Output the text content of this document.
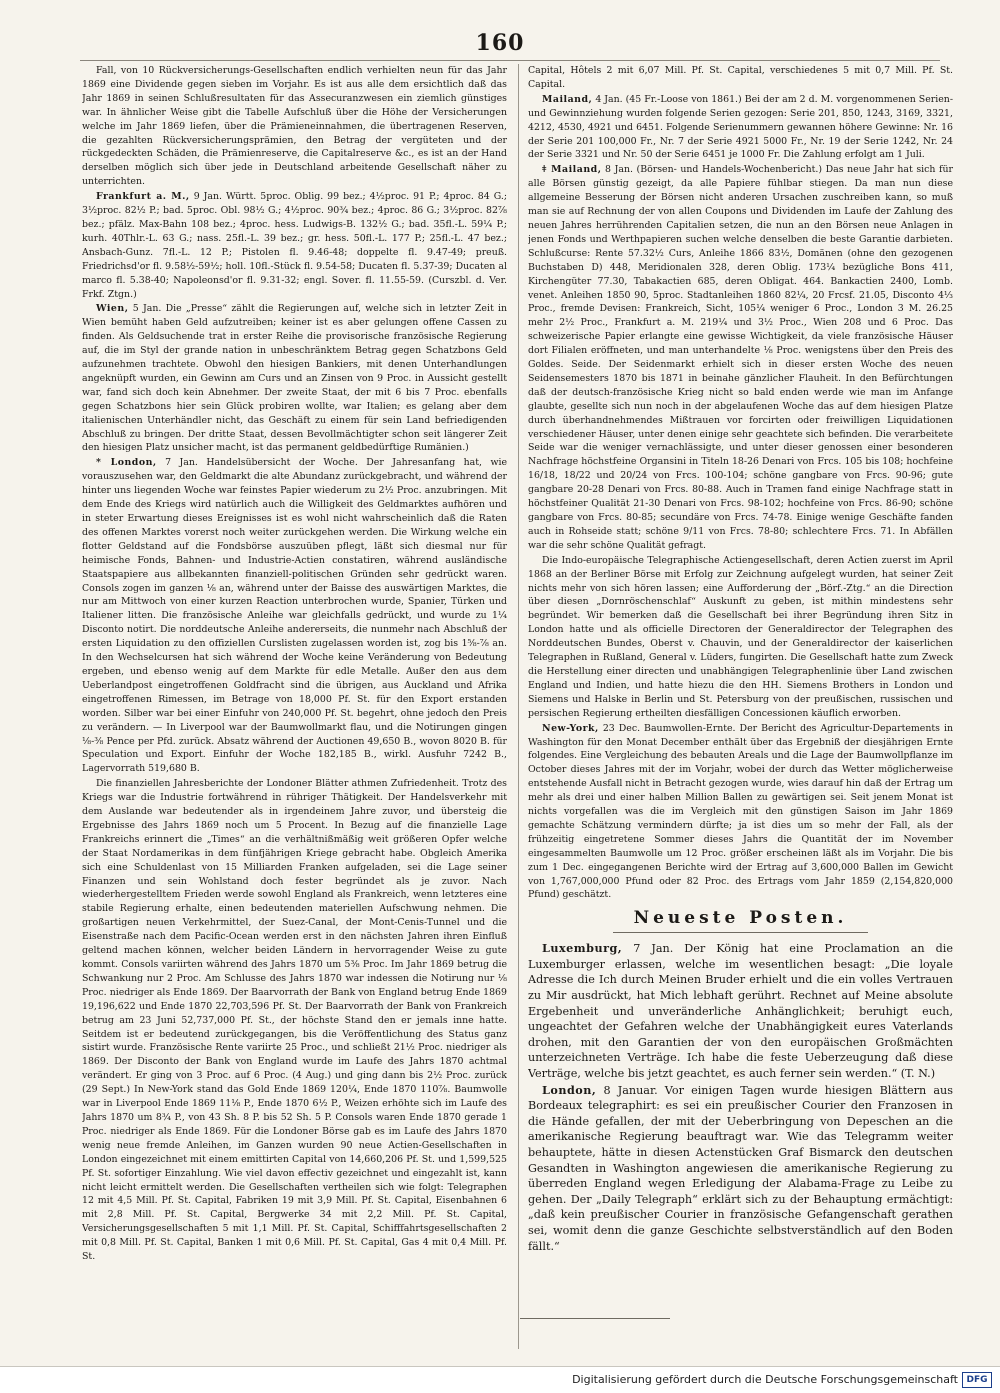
160

Fall, von 10 Rückversicherungs-Gesellschaften endlich verhielten neun für das Jahr 1869 eine Dividende gegen sieben im Vorjahr. Es ist aus alle dem ersichtlich daß das Jahr 1869 in seinen Schlußresultaten für das Assecuranzwesen ein ziemlich günstiges war. In ähnlicher Weise gibt die Tabelle Aufschluß über die Höhe der Versicherungen welche im Jahr 1869 liefen, über die Prämieneinnahmen, die übertragenen Reserven, die gezahlten Rückversicherungsprämien, den Betrag der vergüteten und der rückgedeckten Schäden, die Prämienreserve, die Capitalreserve &c., es ist an der Hand derselben möglich sich über jede in Deutschland arbeitende Gesellschaft näher zu unterrichten.

Frankfurt a. M., 9 Jan. Württ. 5proc. Oblig. 99 bez.; 4½proc. 91 P.; 4proc. 84 G.; 3½proc. 82½ P.; bad. 5proc. Obl. 98½ G.; 4½proc. 90¾ bez.; 4proc. 86 G.; 3½proc. 82⅞ bez.; pfälz. Max-Bahn 108 bez.; 4proc. hess. Ludwigs-B. 132½ G.; bad. 35fl.-L. 59¼ P.; kurh. 40Thlr.-L. 63 G.; nass. 25fl.-L. 39 bez.; gr. hess. 50fl.-L. 177 P.; 25fl.-L. 47 bez.; Ansbach-Gunz. 7fl.-L. 12 P.; Pistolen fl. 9.46-48; doppelte fl. 9.47-49; preuß. Friedrichsd'or fl. 9.58½-59½; holl. 10fl.-Stück fl. 9.54-58; Ducaten fl. 5.37-39; Ducaten al marco fl. 5.38-40; Napoleonsd'or fl. 9.31-32; engl. Sover. fl. 11.55-59. (Curszbl. d. Ver. Frkf. Ztgn.)

Wien, 5 Jan. Die „Presse“ zählt die Regierungen auf, welche sich in letzter Zeit in Wien bemüht haben Geld aufzutreiben; keiner ist es aber gelungen offene Cassen zu finden. Als Geldsuchende trat in erster Reihe die provisorische französische Regierung auf, die im Styl der grande nation in unbeschränktem Betrag gegen Schatzbons Geld aufzunehmen trachtete. Obwohl den hiesigen Bankiers, mit denen Unterhandlungen angeknüpft wurden, ein Gewinn am Curs und an Zinsen von 9 Proc. in Aussicht gestellt war, fand sich doch kein Abnehmer. Der zweite Staat, der mit 6 bis 7 Proc. ebenfalls gegen Schatzbons hier sein Glück probiren wollte, war Italien; es gelang aber dem italienischen Unterhändler nicht, das Geschäft zu einem für sein Land befriedigenden Abschluß zu bringen. Der dritte Staat, dessen Bevollmächtigter schon seit längerer Zeit den hiesigen Platz unsicher macht, ist das permanent geldbedürftige Rumänien.)

* London, 7 Jan. Handelsübersicht der Woche. Der Jahresanfang hat, wie vorauszusehen war, den Geldmarkt die alte Abundanz zurückgebracht, und während der hinter uns liegenden Woche war feinstes Papier wiederum zu 2½ Proc. anzubringen. Mit dem Ende des Kriegs wird natürlich auch die Willigkeit des Geldmarktes aufhören und in steter Erwartung dieses Ereignisses ist es wohl nicht wahrscheinlich daß die Raten des offenen Marktes vorerst noch weiter zurückgehen werden. Die Wirkung welche ein flotter Geldstand auf die Fondsbörse auszuüben pflegt, läßt sich diesmal nur für heimische Fonds, Bahnen- und Industrie-Actien constatiren, während ausländische Staatspapiere aus allbekannten finanziell-politischen Gründen sehr gedrückt waren. Consols zogen im ganzen ⅛ an, während unter der Baisse des auswärtigen Marktes, die nur am Mittwoch von einer kurzen Reaction unterbrochen wurde, Spanier, Türken und Italiener litten. Die französische Anleihe war gleichfalls gedrückt, und wurde zu 1¼ Disconto notirt. Die norddeutsche Anleihe andererseits, die nunmehr nach Abschluß der ersten Liquidation zu den offiziellen Curslisten zugelassen worden ist, zog bis 1⅝-⅞ an. In den Wechselcursen hat sich während der Woche keine Veränderung von Bedeutung ergeben, und ebenso wenig auf dem Markte für edle Metalle. Außer den aus dem Ueberlandpost eingetroffenen Goldfracht sind die übrigen, aus Auckland und Afrika eingetroffenen Rimessen, im Betrage von 18,000 Pf. St. für den Export erstanden worden. Silber war bei einer Einfuhr von 240,000 Pf. St. begehrt, ohne jedoch den Preis zu verändern. — In Liverpool war der Baumwollmarkt flau, und die Notirungen gingen ⅛-⅜ Pence per Pfd. zurück. Absatz während der Auctionen 49,650 B., wovon 8020 B. für Speculation und Export. Einfuhr der Woche 182,185 B., wirkl. Ausfuhr 7242 B., Lagervorrath 519,680 B.

Die finanziellen Jahresberichte der Londoner Blätter athmen Zufriedenheit. Trotz des Kriegs war die Industrie fortwährend in rühriger Thätigkeit. Der Handelsverkehr mit dem Auslande war bedeutender als in irgendeinem Jahre zuvor, und übersteig die Ergebnisse des Jahrs 1869 noch um 5 Procent. In Bezug auf die finanzielle Lage Frankreichs erinnert die „Times“ an die verhältnißmäßig weit größeren Opfer welche der Staat Nordamerikas in dem fünfjährigen Kriege gebracht habe. Obgleich Amerika sich eine Schuldenlast von 15 Milliarden Franken aufgeladen, sei die Lage seiner Finanzen und sein Wohlstand doch fester begründet als je zuvor. Nach wiederhergestelltem Frieden werde sowohl England als Frankreich, wenn letzteres eine stabile Regierung erhalte, einen bedeutenden materiellen Aufschwung nehmen. Die großartigen neuen Verkehrmittel, der Suez-Canal, der Mont-Cenis-Tunnel und die Eisenstraße nach dem Pacific-Ocean werden erst in den nächsten Jahren ihren Einfluß geltend machen können, welcher beiden Ländern in hervorragender Weise zu gute kommt. Consols variirten während des Jahrs 1870 um 5⅜ Proc. Im Jahr 1869 betrug die Schwankung nur 2 Proc. Am Schlusse des Jahrs 1870 war indessen die Notirung nur ⅛ Proc. niedriger als Ende 1869. Der Baarvorrath der Bank von England betrug Ende 1869 19,196,622 und Ende 1870 22,703,596 Pf. St. Der Baarvorrath der Bank von Frankreich betrug am 23 Juni 52,737,000 Pf. St., der höchste Stand den er jemals inne hatte. Seitdem ist er bedeutend zurückgegangen, bis die Veröffentlichung des Status ganz sistirt wurde. Französische Rente variirte 25 Proc., und schließt 21½ Proc. niedriger als 1869. Der Disconto der Bank von England wurde im Laufe des Jahrs 1870 achtmal verändert. Er ging von 3 Proc. auf 6 Proc. (4 Aug.) und ging dann bis 2½ Proc. zurück (29 Sept.) In New-York stand das Gold Ende 1869 120¼, Ende 1870 110⅞. Baumwolle war in Liverpool Ende 1869 11⅛ P., Ende 1870 6½ P., Weizen erhöhte sich im Laufe des Jahrs 1870 um 8¾ P., von 43 Sh. 8 P. bis 52 Sh. 5 P. Consols waren Ende 1870 gerade 1 Proc. niedriger als Ende 1869. Für die Londoner Börse gab es im Laufe des Jahrs 1870 wenig neue fremde Anleihen, im Ganzen wurden 90 neue Actien-Gesellschaften in London eingezeichnet mit einem emittirten Capital von 14,660,206 Pf. St. und 1,599,525 Pf. St. sofortiger Einzahlung. Wie viel davon effectiv gezeichnet und eingezahlt ist, kann nicht leicht ermittelt werden. Die Gesellschaften vertheilen sich wie folgt: Telegraphen 12 mit 4,5 Mill. Pf. St. Capital, Fabriken 19 mit 3,9 Mill. Pf. St. Capital, Eisenbahnen 6 mit 2,8 Mill. Pf. St. Capital, Bergwerke 34 mit 2,2 Mill. Pf. St. Capital, Versicherungsgesellschaften 5 mit 1,1 Mill. Pf. St. Capital, Schifffahrtsgesellschaften 2 mit 0,8 Mill. Pf. St. Capital, Banken 1 mit 0,6 Mill. Pf. St. Capital, Gas 4 mit 0,4 Mill. Pf. St.

Capital, Hôtels 2 mit 6,07 Mill. Pf. St. Capital, verschiedenes 5 mit 0,7 Mill. Pf. St. Capital.

Mailand, 4 Jan. (45 Fr.-Loose von 1861.) Bei der am 2 d. M. vorgenommenen Serien- und Gewinnziehung wurden folgende Serien gezogen: Serie 201, 850, 1243, 3169, 3321, 4212, 4530, 4921 und 6451. Folgende Serienummern gewannen höhere Gewinne: Nr. 16 der Serie 201 100,000 Fr., Nr. 7 der Serie 4921 5000 Fr., Nr. 19 der Serie 1242, Nr. 24 der Serie 3321 und Nr. 50 der Serie 6451 je 1000 Fr. Die Zahlung erfolgt am 1 Juli.

ǂ Mailand, 8 Jan. (Börsen- und Handels-Wochenbericht.) Das neue Jahr hat sich für alle Börsen günstig gezeigt, da alle Papiere fühlbar stiegen. Da man nun diese allgemeine Besserung der Börsen nicht anderen Ursachen zuschreiben kann, so muß man sie auf Rechnung der von allen Coupons und Dividenden im Laufe der Zahlung des neuen Jahres herrührenden Capitalien setzen, die nun an den Börsen neue Anlagen in jenen Fonds und Werthpapieren suchen welche denselben die beste Garantie darbieten. Schlußcurse: Rente 57.32½ Curs, Anleihe 1866 83½, Domänen (ohne den gezogenen Buchstaben D) 448, Meridionalen 328, deren Oblig. 173¼ bezügliche Bons 411, Kirchengüter 77.30, Tabakactien 685, deren Obligat. 464. Bankactien 2400, Lomb. venet. Anleihen 1850 90, 5proc. Stadtanleihen 1860 82¼, 20 Frcsf. 21.05, Disconto 4⅓ Proc., fremde Devisen: Frankreich, Sicht, 105¼ weniger 6 Proc., London 3 M. 26.25 mehr 2½ Proc., Frankfurt a. M. 219¼ und 3½ Proc., Wien 208 und 6 Proc. Das schweizerische Papier erlangte eine gewisse Wichtigkeit, da viele französische Häuser dort Filialen eröffneten, und man unterhandelte ⅛ Proc. wenigstens über den Preis des Goldes. Seide. Der Seidenmarkt erhielt sich in dieser ersten Woche des neuen Seidensemesters 1870 bis 1871 in beinahe gänzlicher Flauheit. In den Befürchtungen daß der deutsch-französische Krieg nicht so bald enden werde wie man im Anfange glaubte, gesellte sich nun noch in der abgelaufenen Woche das auf dem hiesigen Platze durch überhandnehmendes Mißtrauen vor forcirten oder freiwilligen Liquidationen verschiedener Häuser, unter denen einige sehr geachtete sich befinden. Die verarbeitete Seide war die weniger vernachlässigte, und unter dieser genossen einer besonderen Nachfrage höchstfeine Organsini in Titeln 18-26 Denari von Frcs. 105 bis 108; hochfeine 16/18, 18/22 und 20/24 von Frcs. 100-104; schöne gangbare von Frcs. 90-96; gute gangbare 20-28 Denari von Frcs. 80-88. Auch in Tramen fand einige Nachfrage statt in höchstfeiner Qualität 21-30 Denari von Frcs. 98-102; hochfeine von Frcs. 86-90; schöne gangbare von Frcs. 80-85; secundäre von Frcs. 74-78. Einige wenige Geschäfte fanden auch in Rohseide statt; schöne 9/11 von Frcs. 78-80; schlechtere Frcs. 71. In Abfällen war die sehr schöne Qualität gefragt.

Die Indo-europäische Telegraphische Actiengesellschaft, deren Actien zuerst im April 1868 an der Berliner Börse mit Erfolg zur Zeichnung aufgelegt wurden, hat seiner Zeit nichts mehr von sich hören lassen; eine Aufforderung der „Börf.-Ztg.“ an die Direction über diesen „Dornröschenschlaf“ Auskunft zu geben, ist mithin mindestens sehr begründet. Wir bemerken daß die Gesellschaft bei ihrer Begründung ihren Sitz in London hatte und als officielle Directoren der Generaldirector der Telegraphen des Norddeutschen Bundes, Oberst v. Chauvin, und der Generaldirector der kaiserlichen Telegraphen in Rußland, General v. Lüders, fungirten. Die Gesellschaft hatte zum Zweck die Herstellung einer directen und unabhängigen Telegraphenlinie über Land zwischen England und Indien, und hatte hiezu die den HH. Siemens Brothers in London und Siemens und Halske in Berlin und St. Petersburg von der preußischen, russischen und persischen Regierung ertheilten diesfälligen Concessionen käuflich erworben.

New-York, 23 Dec. Baumwollen-Ernte. Der Bericht des Agricultur-Departements in Washington für den Monat December enthält über das Ergebniß der diesjährigen Ernte folgendes. Eine Vergleichung des bebauten Areals und die Lage der Baumwollpflanze im October dieses Jahres mit der im Vorjahr, wobei der durch das Wetter möglicherweise entstehende Ausfall nicht in Betracht gezogen wurde, wies darauf hin daß der Ertrag um mehr als drei und einer halben Million Ballen zu gewärtigen sei. Seit jenem Monat ist nichts vorgefallen was die im Vergleich mit den günstigen Saison im Jahr 1869 gemachte Schätzung vermindern dürfte; ja ist dies um so mehr der Fall, als der frühzeitig eingetretene Sommer dieses Jahrs die Quantität der im November eingesammelten Baumwolle um 12 Proc. größer erscheinen läßt als im Vorjahr. Die bis zum 1 Dec. eingegangenen Berichte wird der Ertrag auf 3,600,000 Ballen im Gewicht von 1,767,000,000 Pfund oder 82 Proc. des Ertrags vom Jahr 1859 (2,154,820,000 Pfund) geschätzt.

Neueste Posten.

Luxemburg, 7 Jan. Der König hat eine Proclamation an die Luxemburger erlassen, welche im wesentlichen besagt: „Die loyale Adresse die Ich durch Meinen Bruder erhielt und die ein volles Vertrauen zu Mir ausdrückt, hat Mich lebhaft gerührt. Rechnet auf Meine absolute Ergebenheit und unveränderliche Anhänglichkeit; beruhigt euch, ungeachtet der Gefahren welche der Unabhängigkeit eures Vaterlands drohen, mit den Garantien der von den europäischen Großmächten unterzeichneten Verträge. Ich habe die feste Ueberzeugung daß diese Verträge, welche bis jetzt geachtet, es auch ferner sein werden.“ (T. N.)

London, 8 Januar. Vor einigen Tagen wurde hiesigen Blättern aus Bordeaux telegraphirt: es sei ein preußischer Courier den Franzosen in die Hände gefallen, der mit der Ueberbringung von Depeschen an die amerikanische Regierung beauftragt war. Wie das Telegramm weiter behauptete, hätte in diesen Actenstücken Graf Bismarck den deutschen Gesandten in Washington angewiesen die amerikanische Regierung zu überreden England wegen Erledigung der Alabama-Frage zu Leibe zu gehen. Der „Daily Telegraph“ erklärt sich zu der Behauptung ermächtigt: „daß kein preußischer Courier in französische Gefangenschaft gerathen sei, womit denn die ganze Geschichte selbstverständlich auf den Boden fällt.“

Digitalisierung gefördert durch die Deutsche Forschungsgemeinschaft DFG
